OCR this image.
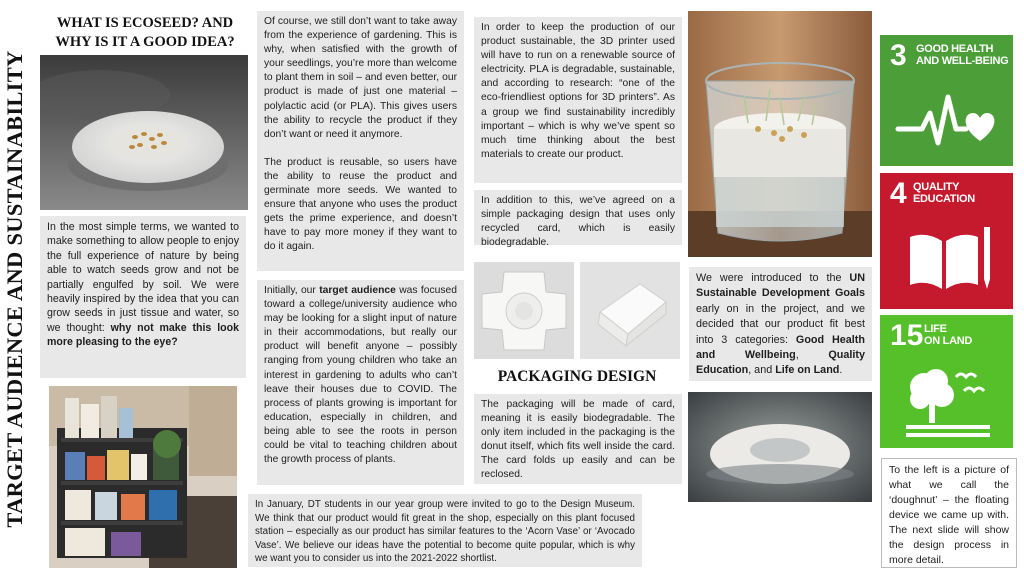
TARGET AUDIENCE AND SUSTAINABILITY
WHAT IS ECOSEED? AND
WHY IS IT A GOOD IDEA?

In the most simple terms, we wanted to make something to allow people to enjoy the full experience of nature by being able to watch seeds grow and not be partially engulfed by soil. We were heavily inspired by the idea that you can grow seeds in just tissue and water, so we thought: why not make this look more pleasing to the eye?

Of course, we still don’t want to take away from the experience of gardening. This is why, when satisfied with the growth of your seedlings, you’re more than welcome to plant them in soil – and even better, our product is made of just one material – polylactic acid (or PLA). This gives users the ability to recycle the product if they don’t want or need it anymore.

The product is reusable, so users have the ability to reuse the product and germinate more seeds. We wanted to ensure that anyone who uses the product gets the prime experience, and doesn’t have to pay more money if they want to do it again.

Initially, our target audience was focused toward a college/university audience who may be looking for a slight input of nature in their accommodations, but really our product will benefit anyone – possibly ranging from young children who take an interest in gardening to adults who can’t leave their houses due to COVID. The process of plants growing is important for education, especially in children, and being able to see the roots in person could be vital to teaching children about the growth process of plants.

In January, DT students in our year group were invited to go to the Design Museum. We think that our product would fit great in the shop, especially on this plant focused station – especially as our product has similar features to the ‘Acorn Vase’ or ‘Avocado Vase’. We believe our ideas have the potential to become quite popular, which is why we want you to consider us into the 2021-2022 shortlist.

In order to keep the production of our product sustainable, the 3D printer used will have to run on a renewable source of electricity. PLA is degradable, sustainable, and according to research: “one of the eco-friendliest options for 3D printers”. As a group we find sustainability incredibly important – which is why we’ve spent so much time thinking about the best materials to create our product.

In addition to this, we’ve agreed on a simple packaging design that uses only recycled card, which is easily biodegradable.

PACKAGING DESIGN

The packaging will be made of card, meaning it is easily biodegradable. The only item included in the packaging is the donut itself, which fits well inside the card. The card folds up easily and can be reclosed.

We were introduced to the UN Sustainable Development Goals early on in the project, and we decided that our product fit best into 3 categories: Good Health and Wellbeing, Quality Education, and Life on Land.

To the left is a picture of what we call the ‘doughnut’ – the floating device we came up with. The next slide will show the design process in more detail.

3 GOOD HEALTH
AND WELL-BEING
4 QUALITY
EDUCATION
15 LIFE
ON LAND
